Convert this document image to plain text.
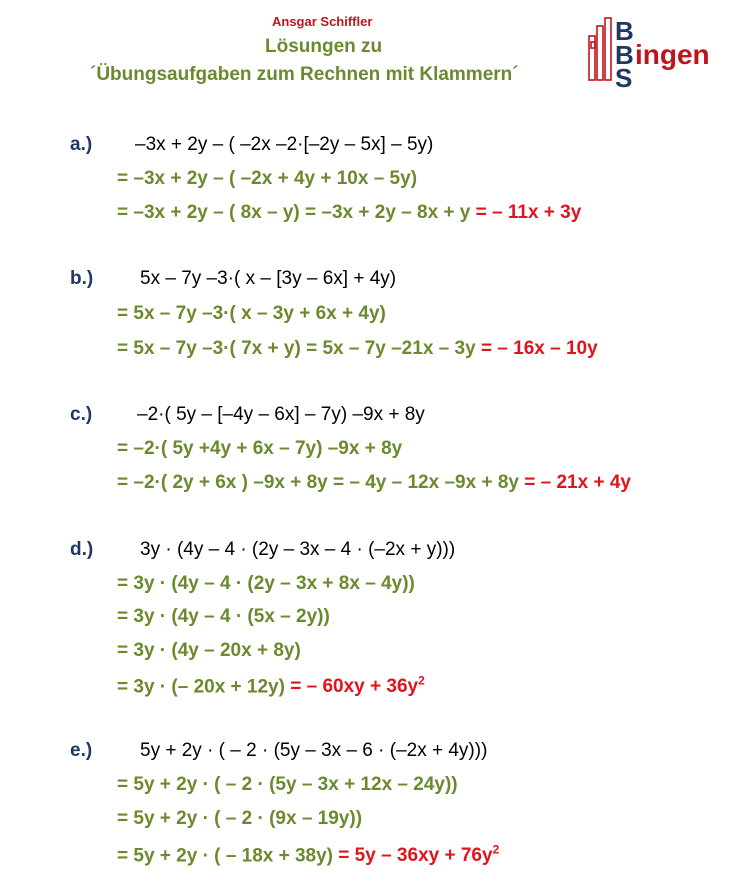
Ansgar Schiffler
Lösungen zu
´Übungsaufgaben zum Rechnen mit Klammern´
B
B
S
ingen
a.) –3x + 2y – ( –2x –2·[–2y – 5x] – 5y)
= –3x + 2y – ( –2x + 4y + 10x – 5y)
= –3x + 2y – ( 8x – y) = –3x + 2y – 8x + y = – 11x + 3y
b.) 5x – 7y –3·( x – [3y – 6x] + 4y)
= 5x – 7y –3·( x – 3y + 6x + 4y)
= 5x – 7y –3·( 7x + y) = 5x – 7y –21x – 3y = – 16x – 10y
c.) –2·( 5y – [–4y – 6x] – 7y) –9x + 8y
= –2·( 5y +4y + 6x – 7y) –9x + 8y
= –2·( 2y + 6x ) –9x + 8y = – 4y – 12x –9x + 8y = – 21x + 4y
d.) 3y · (4y – 4 · (2y – 3x – 4 · (–2x + y)))
= 3y · (4y – 4 · (2y – 3x + 8x – 4y))
= 3y · (4y – 4 · (5x – 2y))
= 3y · (4y – 20x + 8y)
= 3y · (– 20x + 12y) = – $60xy + 36y^2$
e.)	5y + 2y · ( – 2 · (5y – 3x – 6 · (–2x + 4y)))
= 5y + 2y · ( – 2 · (5y – 3x + 12x – 24y))
= 5y + 2y · ( – 2 · (9x – 19y))
= 5y + 2y · ( – $18x + 38y) = 5y - 36xy + 76y^2$
